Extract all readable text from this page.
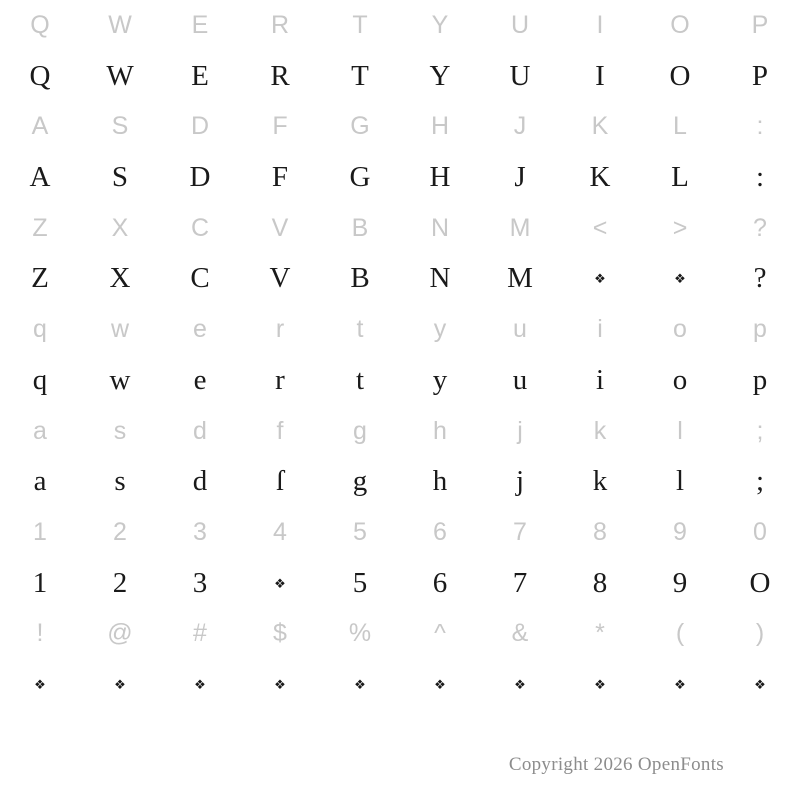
Q	W	E	R	T	Y	U	I	O	P
Q	W	E	R	T	Y	U	I	O	P
A	S	D	F	G	H	J	K	L	:
A	S	D	F	G	H	J	K	L	:
Z	X	C	V	B	N	M	<	>	?
Z	X	C	V	B	N	M	❖	❖	?
q	w	e	r	t	y	u	i	o	p
q	w	e	r	t	y	u	i	o	p
a	s	d	f	g	h	j	k	l	;
a	s	d	ſ	g	h	j	k	l	;
1	2	3	4	5	6	7	8	9	0
1	2	3	❖	5	6	7	8	9	O
!	@	#	$	%	^	&	*	(	)
❖	❖	❖	❖	❖	❖	❖	❖	❖	❖
Copyright 2026 OpenFonts
